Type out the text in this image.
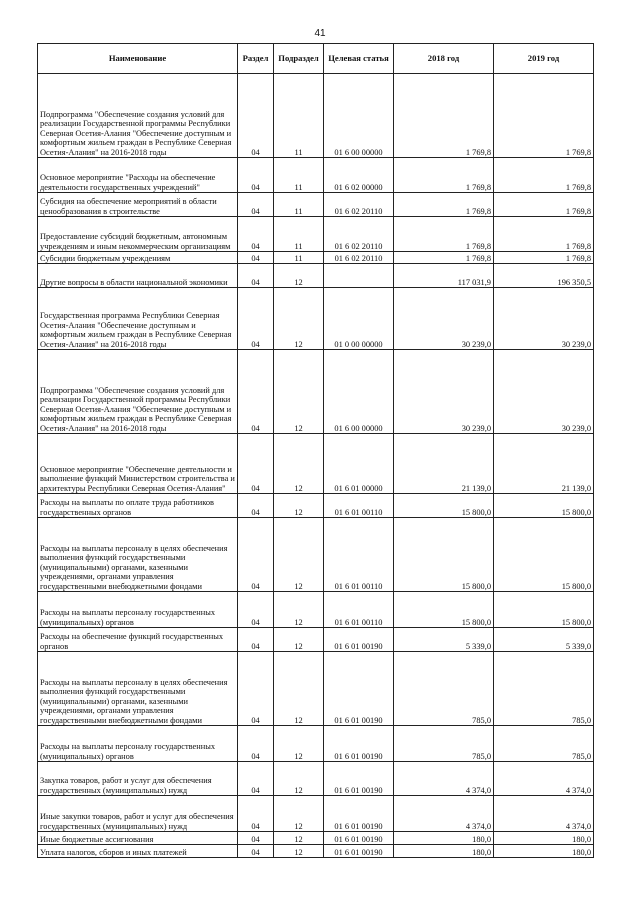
41
Наименование	Раздел	Подраздел	Целевая статья	2018 год	2019 год
Подпрограмма "Обеспечение создания условий для реализации Государственной программы Республики Северная Осетия-Алания "Обеспечение доступным и комфортным жильем граждан в Республике Северная Осетия-Алания" на 2016-2018 годы	04	11	01 6 00 00000	1 769,8	1 769,8
Основное мероприятие "Расходы на обеспечение деятельности государственных учреждений"	04	11	01 6 02 00000	1 769,8	1 769,8
Субсидия на обеспечение мероприятий в области ценообразования в строительстве	04	11	01 6 02 20110	1 769,8	1 769,8
Предоставление субсидий бюджетным, автономным учреждениям и иным некоммерческим организациям	04	11	01 6 02 20110	1 769,8	1 769,8
Субсидии бюджетным учреждениям	04	11	01 6 02 20110	1 769,8	1 769,8
Другие вопросы в области национальной экономики	04	12		117 031,9	196 350,5
Государственная программа Республики Северная Осетия-Алания "Обеспечение доступным и комфортным жильем граждан в Республике Северная Осетия-Алания" на 2016-2018 годы	04	12	01 0 00 00000	30 239,0	30 239,0
Подпрограмма "Обеспечение создания условий для реализации Государственной программы Республики Северная Осетия-Алания "Обеспечение доступным и комфортным жильем граждан в Республике Северная Осетия-Алания" на 2016-2018 годы	04	12	01 6 00 00000	30 239,0	30 239,0
Основное мероприятие "Обеспечение деятельности и выполнение функций Министерством строительства и архитектуры Республики Северная Осетия-Алания"	04	12	01 6 01 00000	21 139,0	21 139,0
Расходы на выплаты по оплате труда работников государственных органов	04	12	01 6 01 00110	15 800,0	15 800,0
Расходы на выплаты персоналу в целях обеспечения выполнения функций государственными (муниципальными) органами, казенными учреждениями, органами управления государственными внебюджетными фондами	04	12	01 6 01 00110	15 800,0	15 800,0
Расходы на выплаты персоналу государственных (муниципальных) органов	04	12	01 6 01 00110	15 800,0	15 800,0
Расходы на обеспечение функций государственных органов	04	12	01 6 01 00190	5 339,0	5 339,0
Расходы на выплаты персоналу в целях обеспечения выполнения функций государственными (муниципальными) органами, казенными учреждениями, органами управления государственными внебюджетными фондами	04	12	01 6 01 00190	785,0	785,0
Расходы на выплаты персоналу государственных (муниципальных) органов	04	12	01 6 01 00190	785,0	785,0
Закупка товаров, работ и услуг для обеспечения государственных (муниципальных) нужд	04	12	01 6 01 00190	4 374,0	4 374,0
Иные закупки товаров, работ и услуг для обеспечения государственных (муниципальных) нужд	04	12	01 6 01 00190	4 374,0	4 374,0
Иные бюджетные ассигнования	04	12	01 6 01 00190	180,0	180,0
Уплата налогов, сборов и иных платежей	04	12	01 6 01 00190	180,0	180,0
